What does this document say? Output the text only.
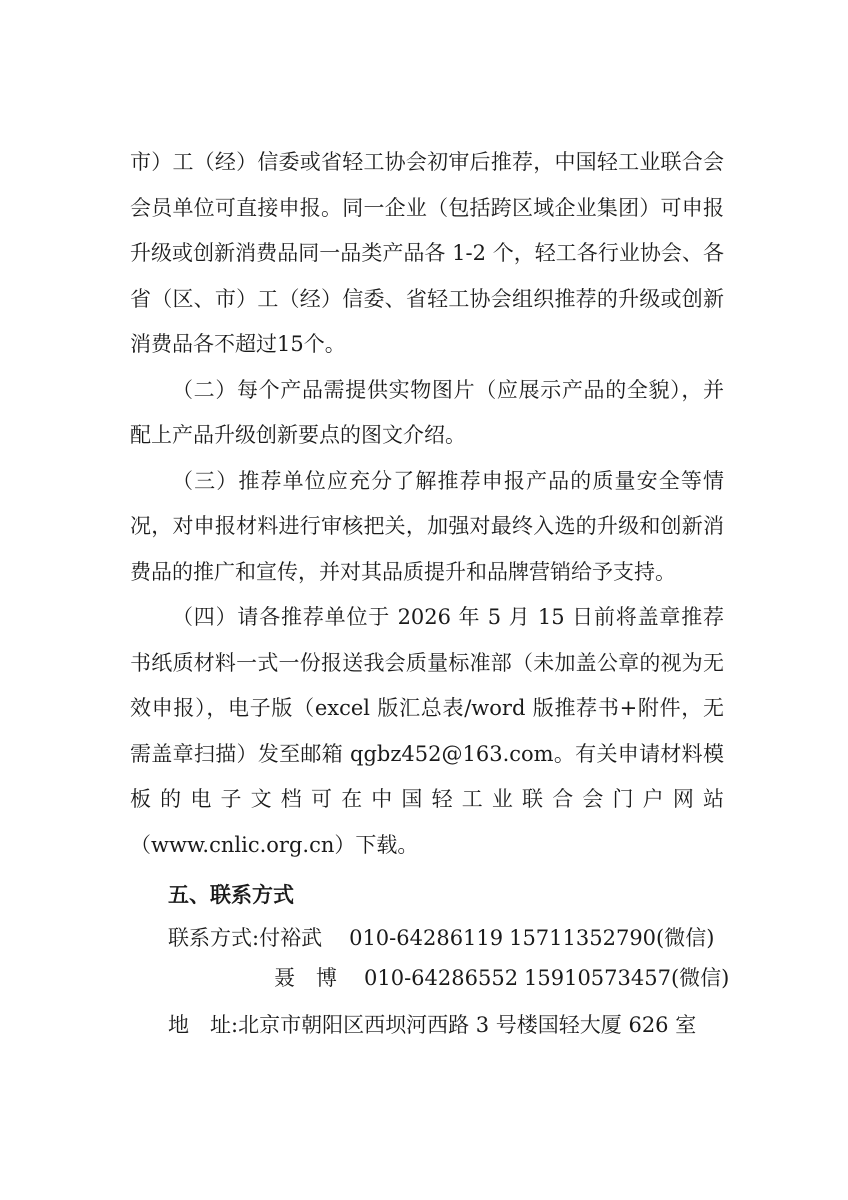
市）工（经）信委或省轻工协会初审后推荐，中国轻工业联合会会员单位可直接申报。同一企业（包括跨区域企业集团）可申报升级或创新消费品同一品类产品各 1-2 个，轻工各行业协会、各省（区、市）工（经）信委、省轻工协会组织推荐的升级或创新消费品各不超过15个。

（二）每个产品需提供实物图片（应展示产品的全貌），并配上产品升级创新要点的图文介绍。

（三）推荐单位应充分了解推荐申报产品的质量安全等情况，对申报材料进行审核把关，加强对最终入选的升级和创新消费品的推广和宣传，并对其品质提升和品牌营销给予支持。

（四）请各推荐单位于 2026 年 5 月 15 日前将盖章推荐书纸质材料一式一份报送我会质量标准部（未加盖公章的视为无效申报），电子版（excel 版汇总表/word 版推荐书+附件，无需盖章扫描）发至邮箱 qgbz452@163.com。有关申请材料模板的电子文档可在中国轻工业联合会门户网站（www.cnlic.org.cn）下载。

五、联系方式
联系方式:付裕武 010-64286119 15711352790(微信)
聂　博 010-64286552 15910573457(微信)
地　址:北京市朝阳区西坝河西路 3 号楼国轻大厦 626 室
